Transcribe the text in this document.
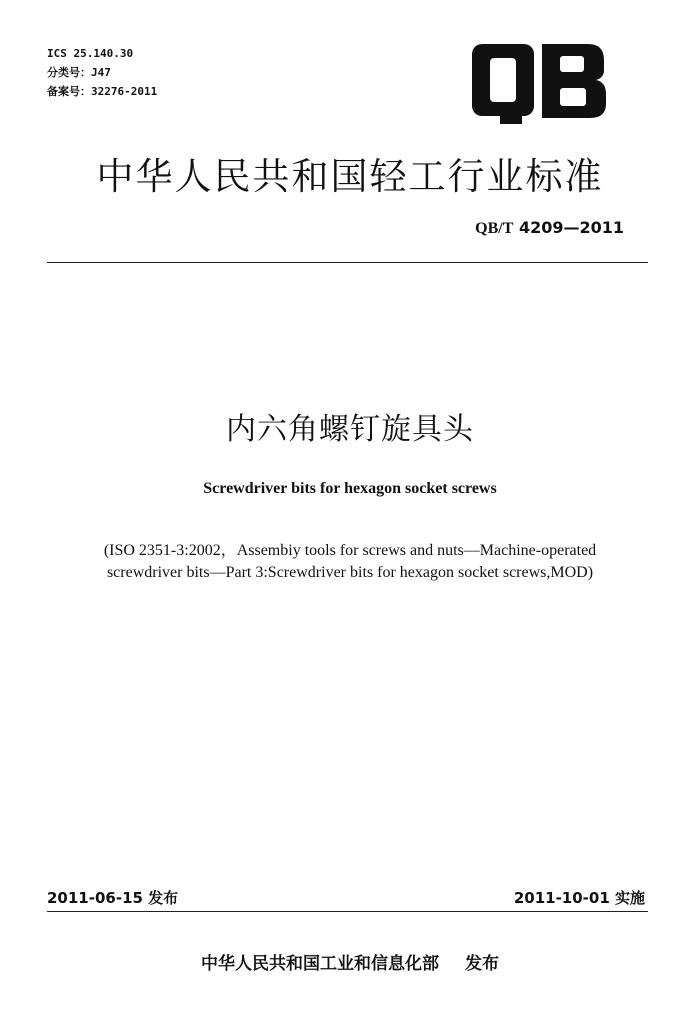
ICS 25.140.30
分类号：J47
备案号：32276-2011
中华人民共和国轻工行业标准
QB/T 4209—2011
内六角螺钉旋具头
Screwdriver bits for hexagon socket screws
(ISO 2351-3:2002，Assembiy tools for screws and nuts—Machine-operated
screwdriver bits—Part 3:Screwdriver bits for hexagon socket screws,MOD)
2011-06-15 发布	2011-10-01 实施
中华人民共和国工业和信息化部 发布
